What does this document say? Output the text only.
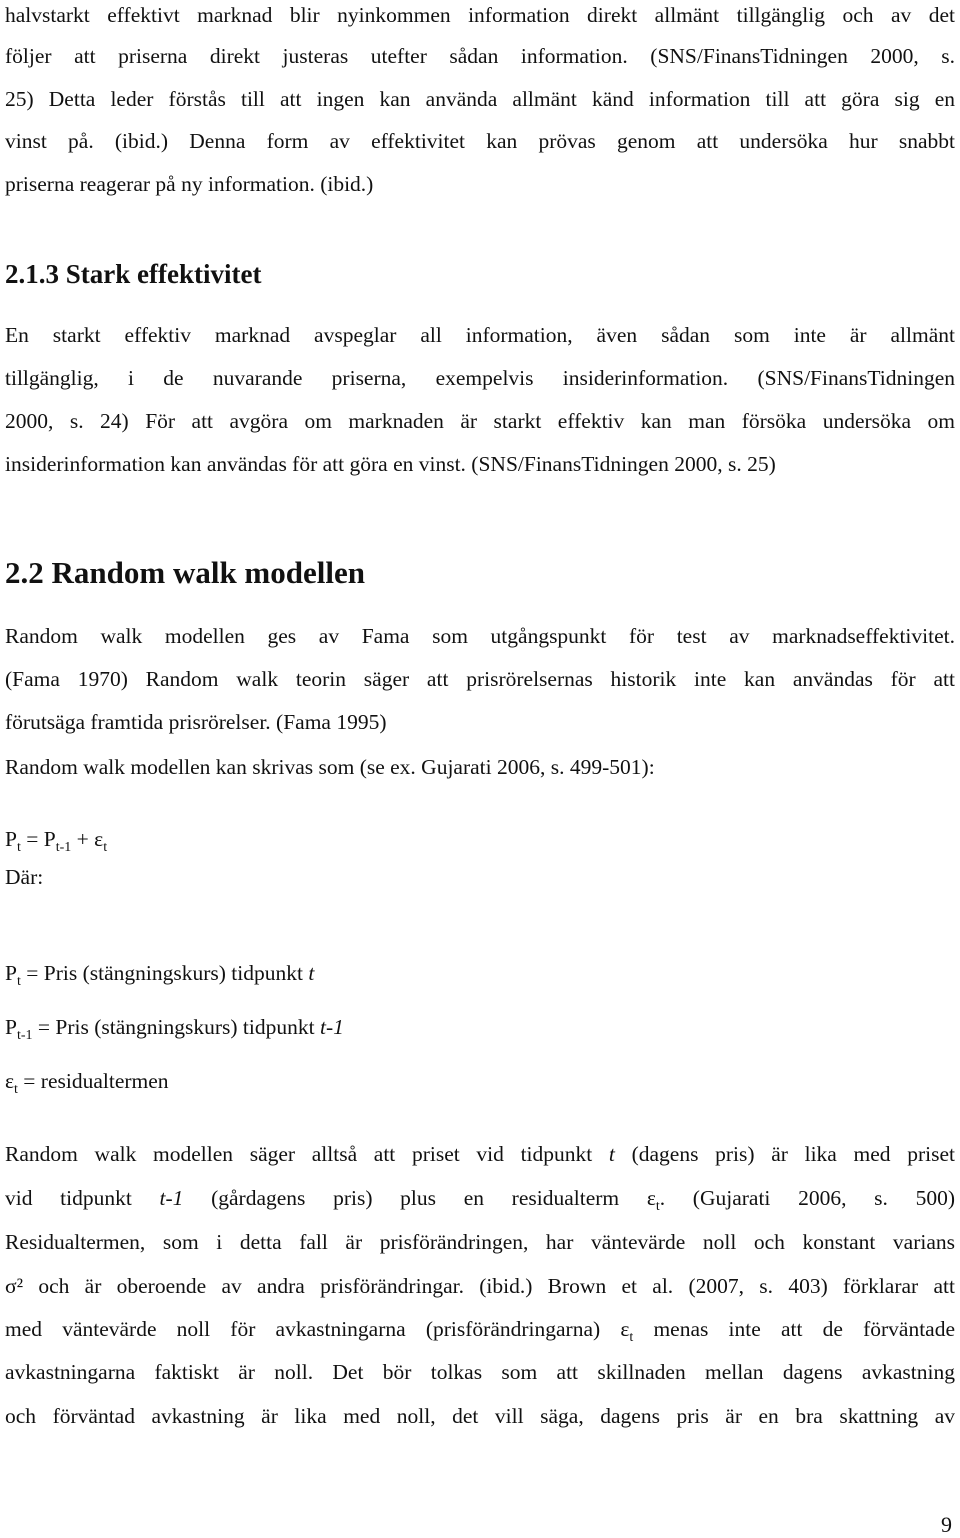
halvstarkt effektivt marknad blir nyinkommen information direkt allmänt tillgänglig och av det
följer att priserna direkt justeras utefter sådan information. (SNS/FinansTidningen 2000, s.
25) Detta leder förstås till att ingen kan använda allmänt känd information till att göra sig en
vinst på. (ibid.) Denna form av effektivitet kan prövas genom att undersöka hur snabbt
priserna reagerar på ny information. (ibid.)
2.1.3 Stark effektivitet
En starkt effektiv marknad avspeglar all information, även sådan som inte är allmänt
tillgänglig, i de nuvarande priserna, exempelvis insiderinformation. (SNS/FinansTidningen
2000, s. 24) För att avgöra om marknaden är starkt effektiv kan man försöka undersöka om
insiderinformation kan användas för att göra en vinst. (SNS/FinansTidningen 2000, s. 25)
2.2 Random walk modellen
Random walk modellen ges av Fama som utgångspunkt för test av marknadseffektivitet.
(Fama 1970) Random walk teorin säger att prisrörelsernas historik inte kan användas för att
förutsäga framtida prisrörelser. (Fama 1995)
Random walk modellen kan skrivas som (se ex. Gujarati 2006, s. 499-501):
$P_t = P_{t-1} + \varepsilon_t$
Där:
$P_t$ = Pris (stängningskurs) tidpunkt t
$P_{t-1}$ = Pris (stängningskurs) tidpunkt t-1
$\varepsilon_t$ = residualtermen
Random walk modellen säger alltså att priset vid tidpunkt t (dagens pris) är lika med priset
vid tidpunkt t-1 (gårdagens pris) plus en residualterm $\varepsilon_t$. (Gujarati 2006, s. 500)
Residualtermen, som i detta fall är prisförändringen, har väntevärde noll och konstant varians
σ² och är oberoende av andra prisförändringar. (ibid.) Brown et al. (2007, s. 403) förklarar att
med väntevärde noll för avkastningarna (prisförändringarna) $\varepsilon_t$ menas inte att de förväntade
avkastningarna faktiskt är noll. Det bör tolkas som att skillnaden mellan dagens avkastning
och förväntad avkastning är lika med noll, det vill säga, dagens pris är en bra skattning av
9
